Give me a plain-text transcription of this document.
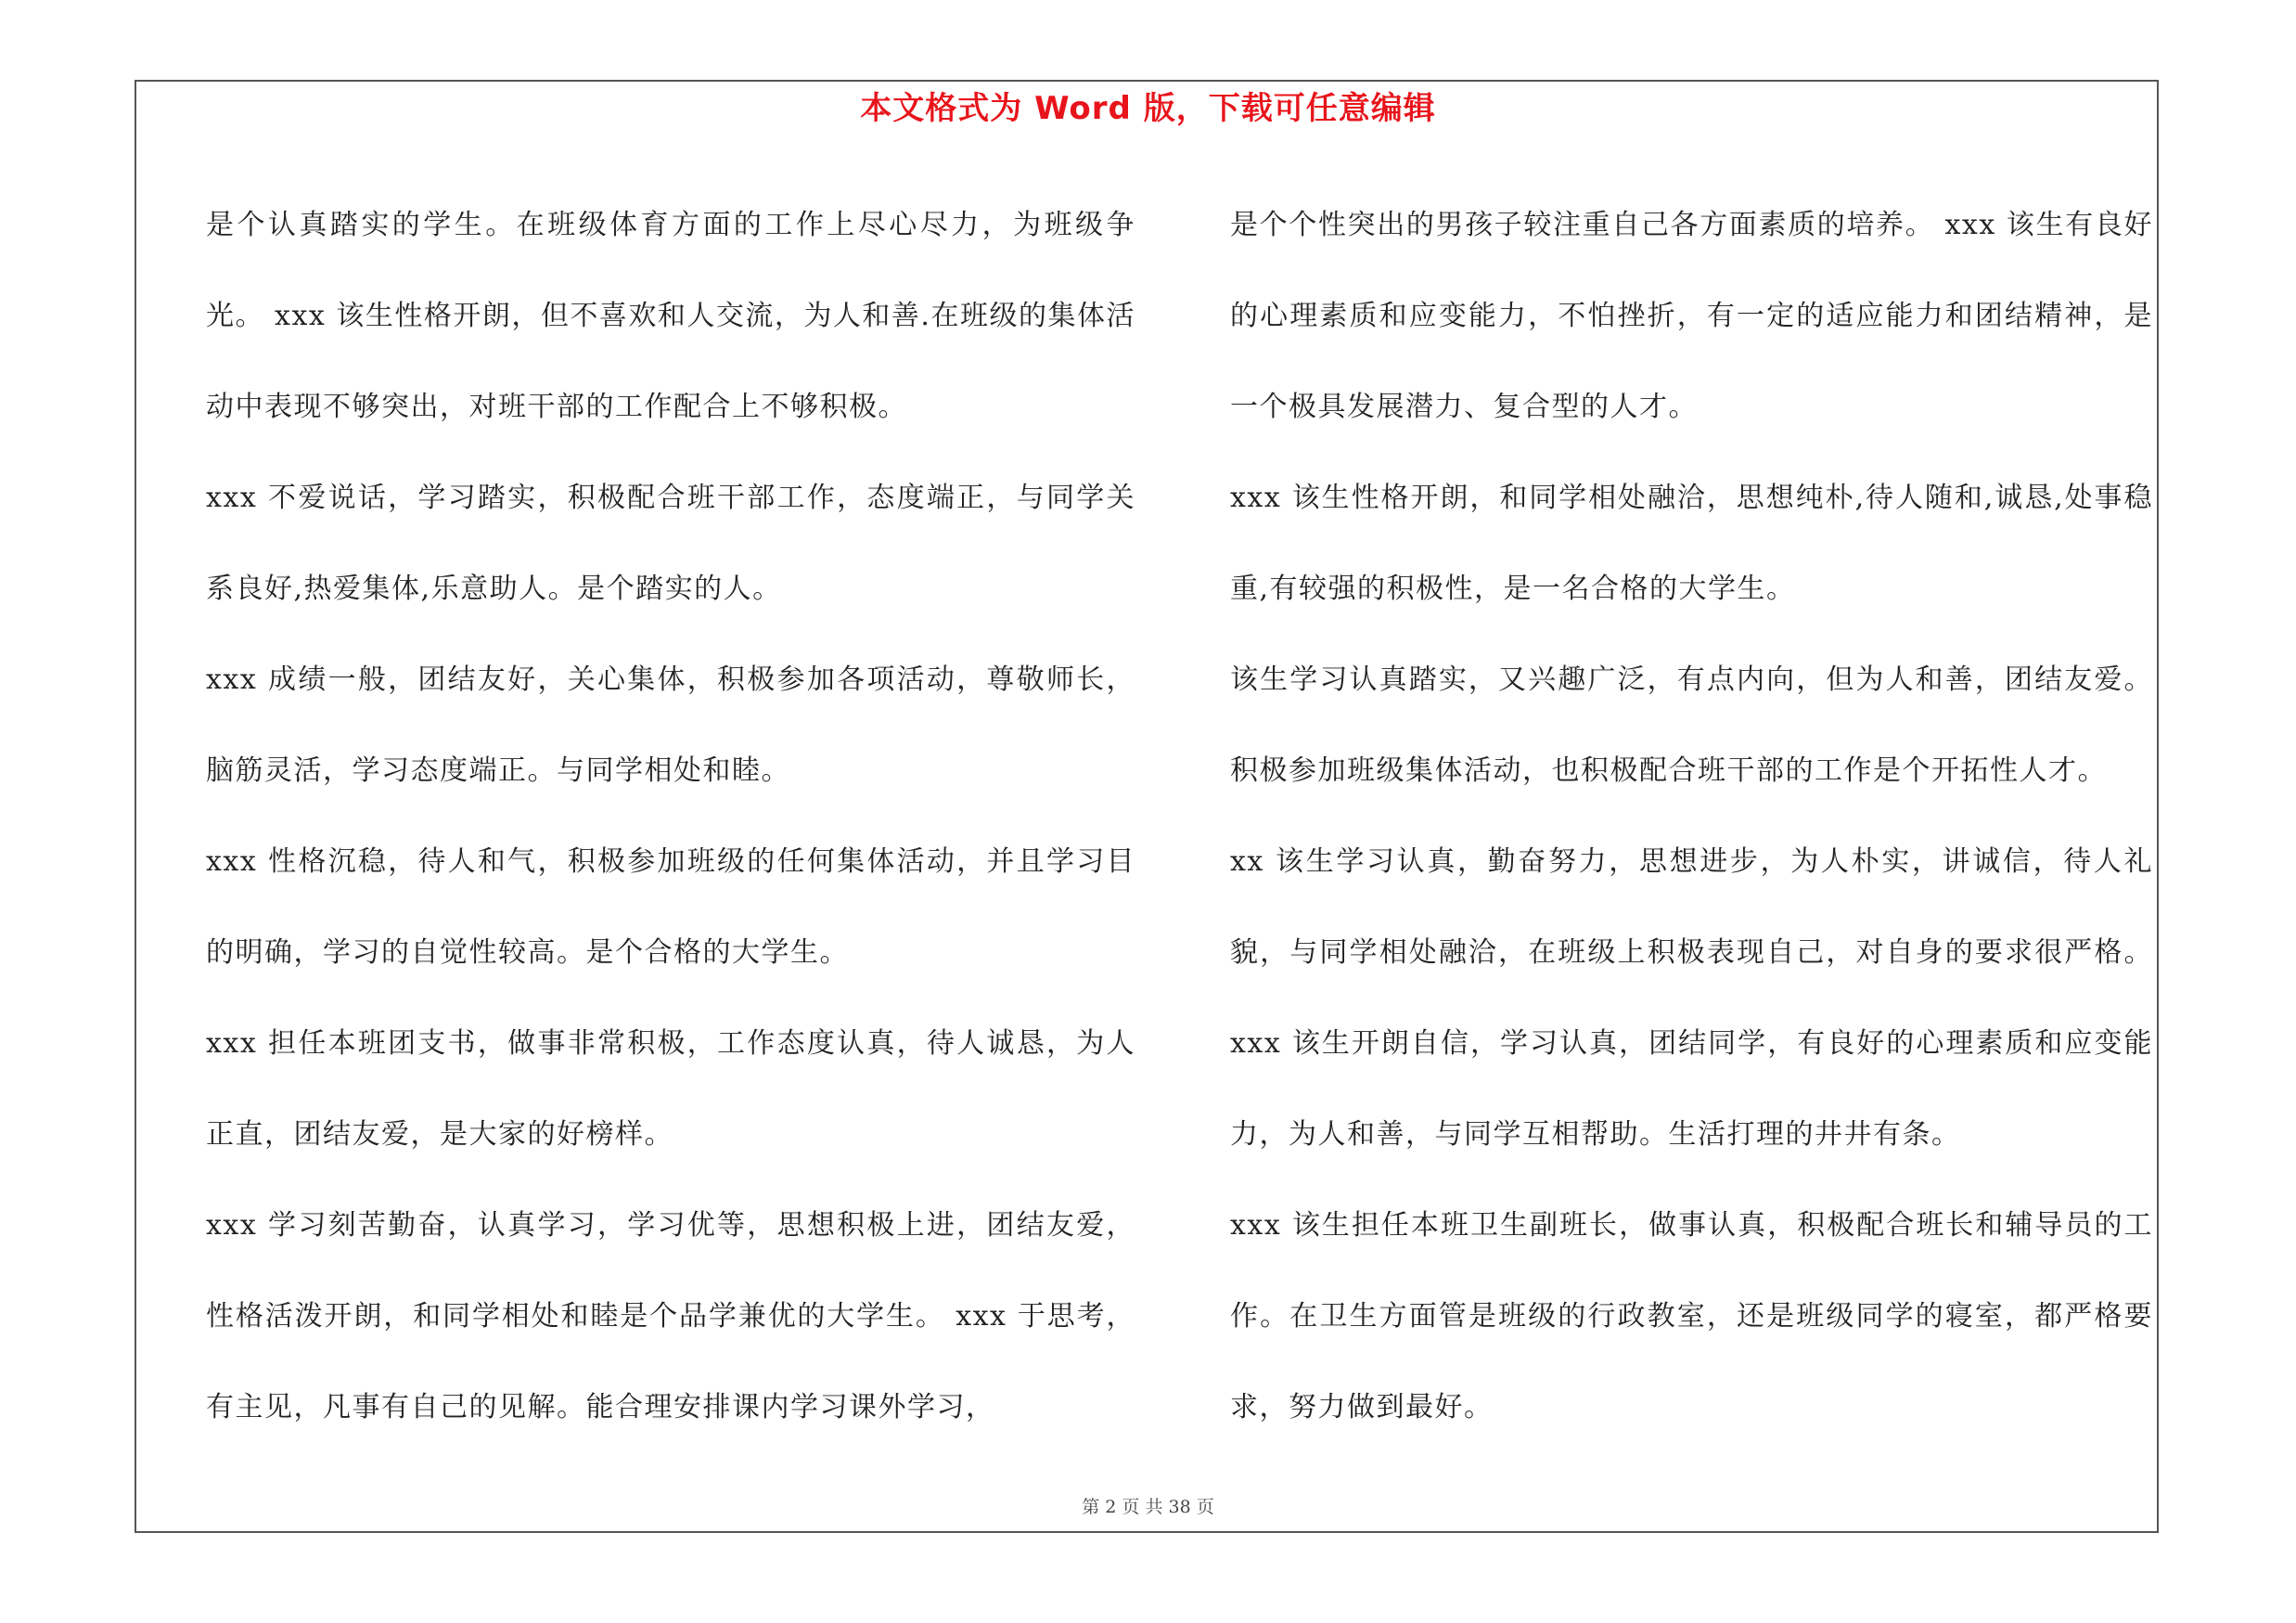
本文格式为 Word 版，下载可任意编辑

是个认真踏实的学生。在班级体育方面的工作上尽心尽力，为班级争光。 xxx 该生性格开朗，但不喜欢和人交流，为人和善.在班级的集体活动中表现不够突出，对班干部的工作配合上不够积极。

xxx 不爱说话，学习踏实，积极配合班干部工作，态度端正，与同学关系良好,热爱集体,乐意助人。是个踏实的人。

xxx 成绩一般，团结友好，关心集体，积极参加各项活动，尊敬师长，脑筋灵活，学习态度端正。与同学相处和睦。

xxx 性格沉稳，待人和气，积极参加班级的任何集体活动，并且学习目的明确，学习的自觉性较高。是个合格的大学生。

xxx 担任本班团支书，做事非常积极，工作态度认真，待人诚恳，为人正直，团结友爱，是大家的好榜样。

xxx 学习刻苦勤奋，认真学习，学习优等，思想积极上进，团结友爱，性格活泼开朗，和同学相处和睦是个品学兼优的大学生。 xxx 于思考，有主见，凡事有自己的见解。能合理安排课内学习课外学习，

是个个性突出的男孩子较注重自己各方面素质的培养。 xxx 该生有良好的心理素质和应变能力，不怕挫折，有一定的适应能力和团结精神，是一个极具发展潜力、复合型的人才。

xxx 该生性格开朗，和同学相处融洽，思想纯朴,待人随和,诚恳,处事稳重,有较强的积极性，是一名合格的大学生。

该生学习认真踏实，又兴趣广泛，有点内向，但为人和善，团结友爱。积极参加班级集体活动，也积极配合班干部的工作是个开拓性人才。

xx 该生学习认真，勤奋努力，思想进步，为人朴实，讲诚信，待人礼貌，与同学相处融洽，在班级上积极表现自己，对自身的要求很严格。 xxx 该生开朗自信，学习认真，团结同学，有良好的心理素质和应变能力，为人和善，与同学互相帮助。生活打理的井井有条。

xxx 该生担任本班卫生副班长，做事认真，积极配合班长和辅导员的工作。在卫生方面管是班级的行政教室，还是班级同学的寝室，都严格要求，努力做到最好。

第 2 页 共 38 页
